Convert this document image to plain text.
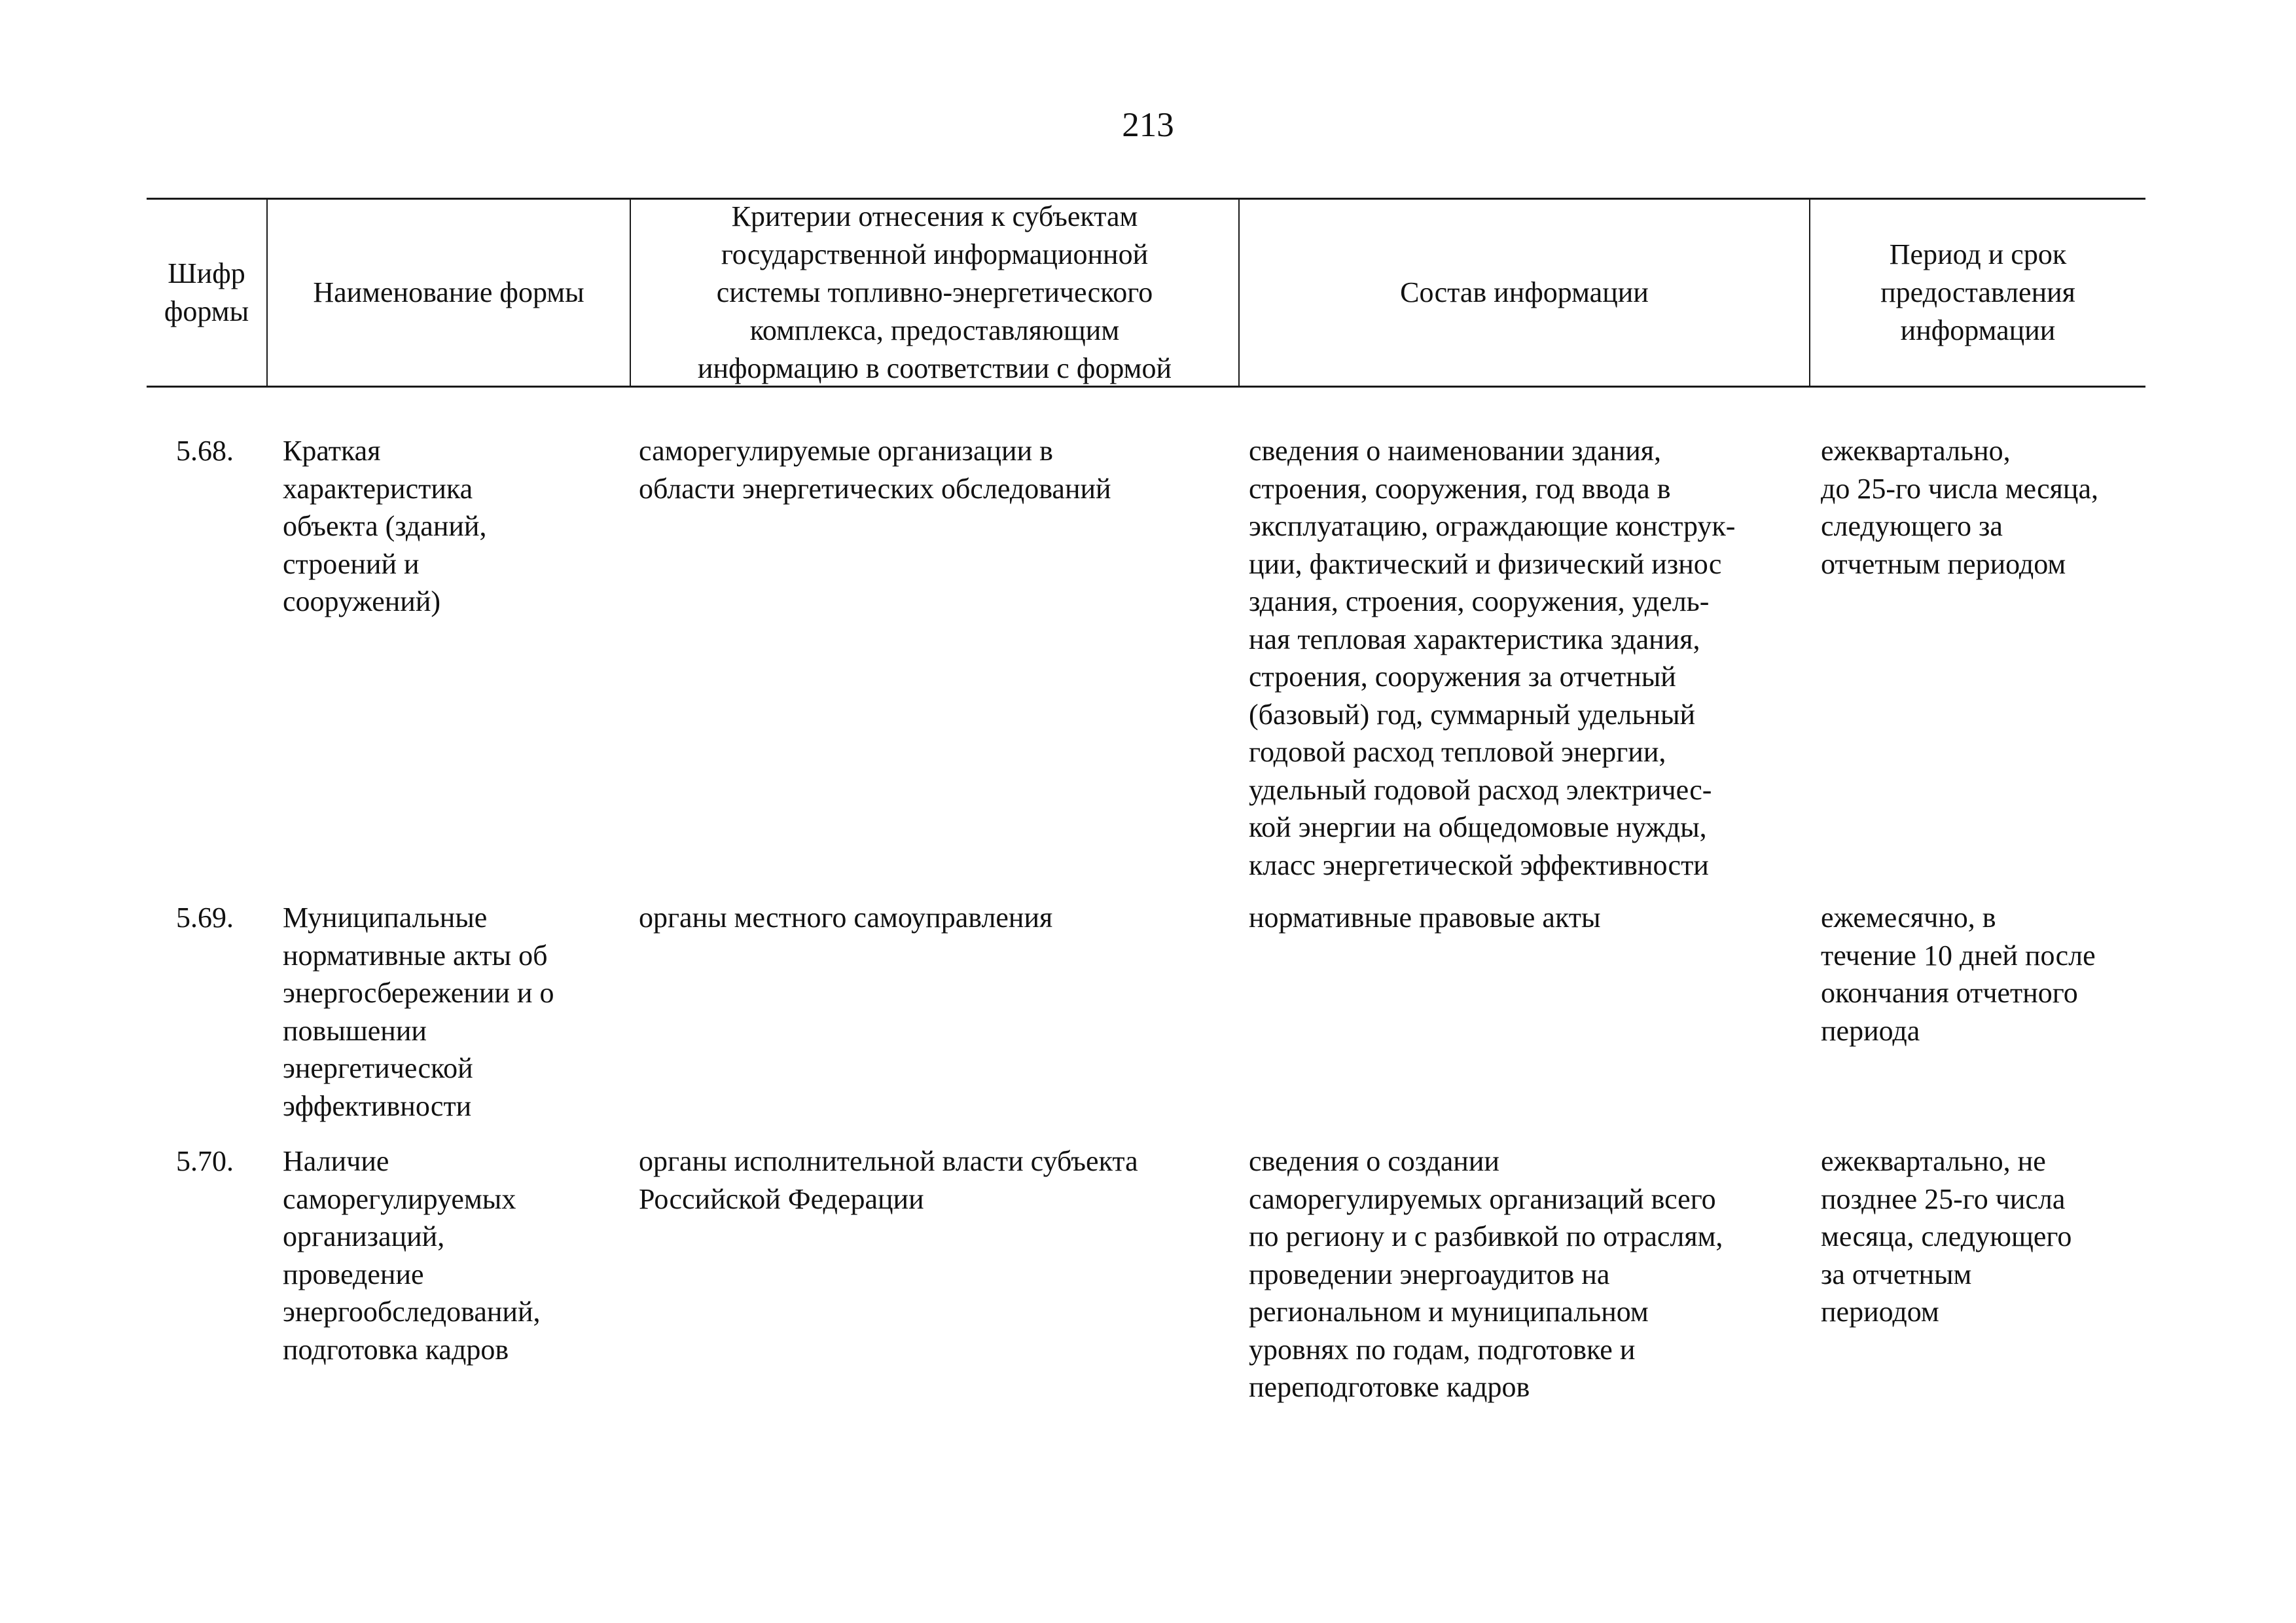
213
Шифр
формы
Наименование формы
Критерии отнесения к субъектам
государственной информационной
системы топливно-энергетического
комплекса, предоставляющим
информацию в соответствии с формой
Состав информации
Период и срок
предоставления
информации
5.68. Краткая
характеристика
объекта (зданий,
строений и
сооружений)
саморегулируемые организации в
области энергетических обследований
сведения о наименовании здания,
строения, сооружения, год ввода в
эксплуатацию, ограждающие конструк-
ции, фактический и физический износ
здания, строения, сооружения, удель-
ная тепловая характеристика здания,
строения, сооружения за отчетный
(базовый) год, суммарный удельный
годовой расход тепловой энергии,
удельный годовой расход электричес-
кой энергии на общедомовые нужды,
класс энергетической эффективности
ежеквартально,
до 25-го числа месяца,
следующего за
отчетным периодом
5.69. Муниципальные
нормативные акты об
энергосбережении и о
повышении
энергетической
эффективности
органы местного самоуправления	нормативные правовые акты	ежемесячно, в
течение 10 дней после
окончания отчетного
периода
5.70. Наличие
саморегулируемых
организаций,
проведение
энергообследований,
подготовка кадров
органы исполнительной власти субъекта
Российской Федерации
сведения о создании
саморегулируемых организаций всего
по региону и с разбивкой по отраслям,
проведении энергоаудитов на
региональном и муниципальном
уровнях по годам, подготовке и
переподготовке кадров
ежеквартально, не
позднее 25-го числа
месяца, следующего
за отчетным
периодом
